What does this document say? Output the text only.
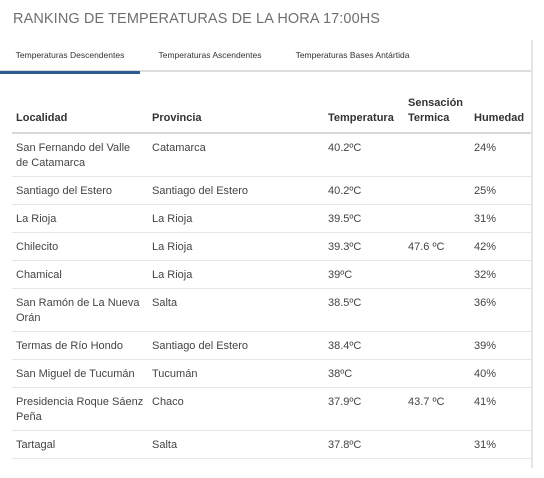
RANKING DE TEMPERATURAS DE LA HORA 17:00HS
Temperaturas Descendentes	Temperaturas Ascendentes	Temperaturas Bases Antártida
Localidad	Provincia	Temperatura	Sensación Termica	Humedad
San Fernando del Valle de Catamarca	Catamarca	40.2ºC		24%
Santiago del Estero	Santiago del Estero	40.2ºC		25%
La Rioja	La Rioja	39.5ºC		31%
Chilecito	La Rioja	39.3ºC	47.6 ºC	42%
Chamical	La Rioja	39ºC		32%
San Ramón de La Nueva Orán	Salta	38.5ºC		36%
Termas de Río Hondo	Santiago del Estero	38.4ºC		39%
San Miguel de Tucumán	Tucumán	38ºC		40%
Presidencia Roque Sáenz Peña	Chaco	37.9ºC	43.7 ºC	41%
Tartagal	Salta	37.8ºC		31%
